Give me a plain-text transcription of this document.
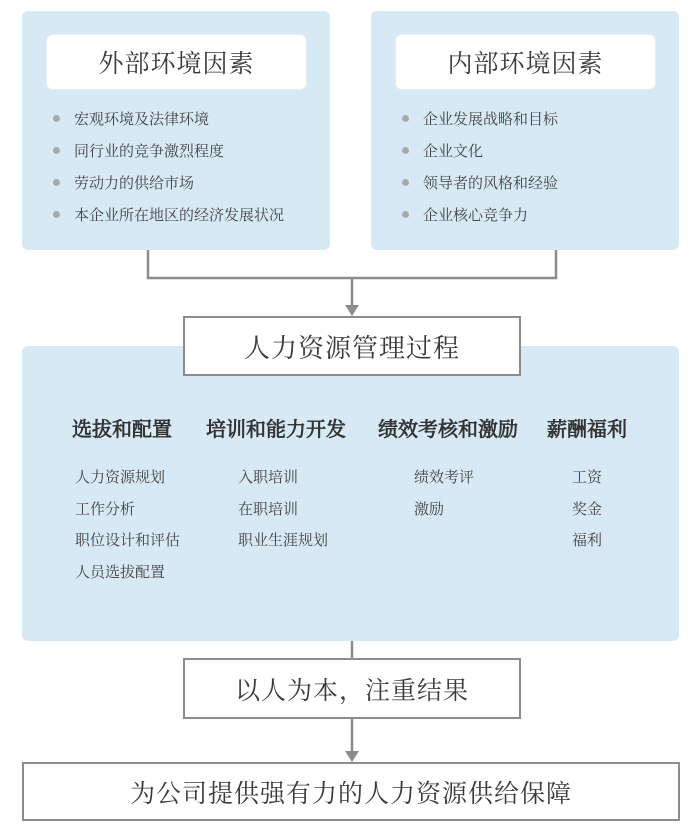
外部环境因素
宏观环境及法律环境
同行业的竞争激烈程度
劳动力的供给市场
本企业所在地区的经济发展状况
内部环境因素
企业发展战略和目标
企业文化
领导者的风格和经验
企业核心竞争力
人力资源管理过程
选拔和配置 培训和能力开发 绩效考核和激励 薪酬福利
人力资源规划
工作分析
职位设计和评估
人员选拔配置
入职培训
在职培训
职业生涯规划
绩效考评
激励
工资
奖金
福利
以人为本，注重结果
为公司提供强有力的人力资源供给保障
